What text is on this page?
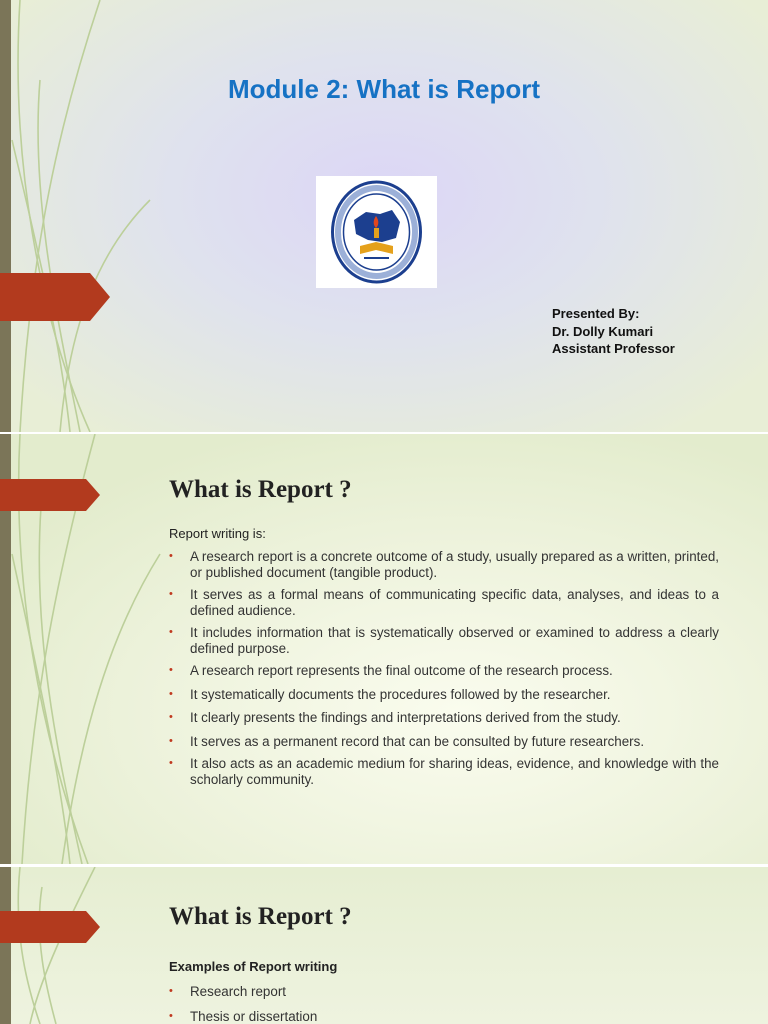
Module 2: What is Report
Presented By:
Dr. Dolly Kumari
Assistant Professor
What is Report ?
Report writing is:
• A research report is a concrete outcome of a study, usually prepared as a written, printed, or published document (tangible product).
• It serves as a formal means of communicating specific data, analyses, and ideas to a defined audience.
• It includes information that is systematically observed or examined to address a clearly defined purpose.
• A research report represents the final outcome of the research process.
• It systematically documents the procedures followed by the researcher.
• It clearly presents the findings and interpretations derived from the study.
• It serves as a permanent record that can be consulted by future researchers.
• It also acts as an academic medium for sharing ideas, evidence, and knowledge with the scholarly community.
What is Report ?
Examples of Report writing
• Research report
• Thesis or dissertation
